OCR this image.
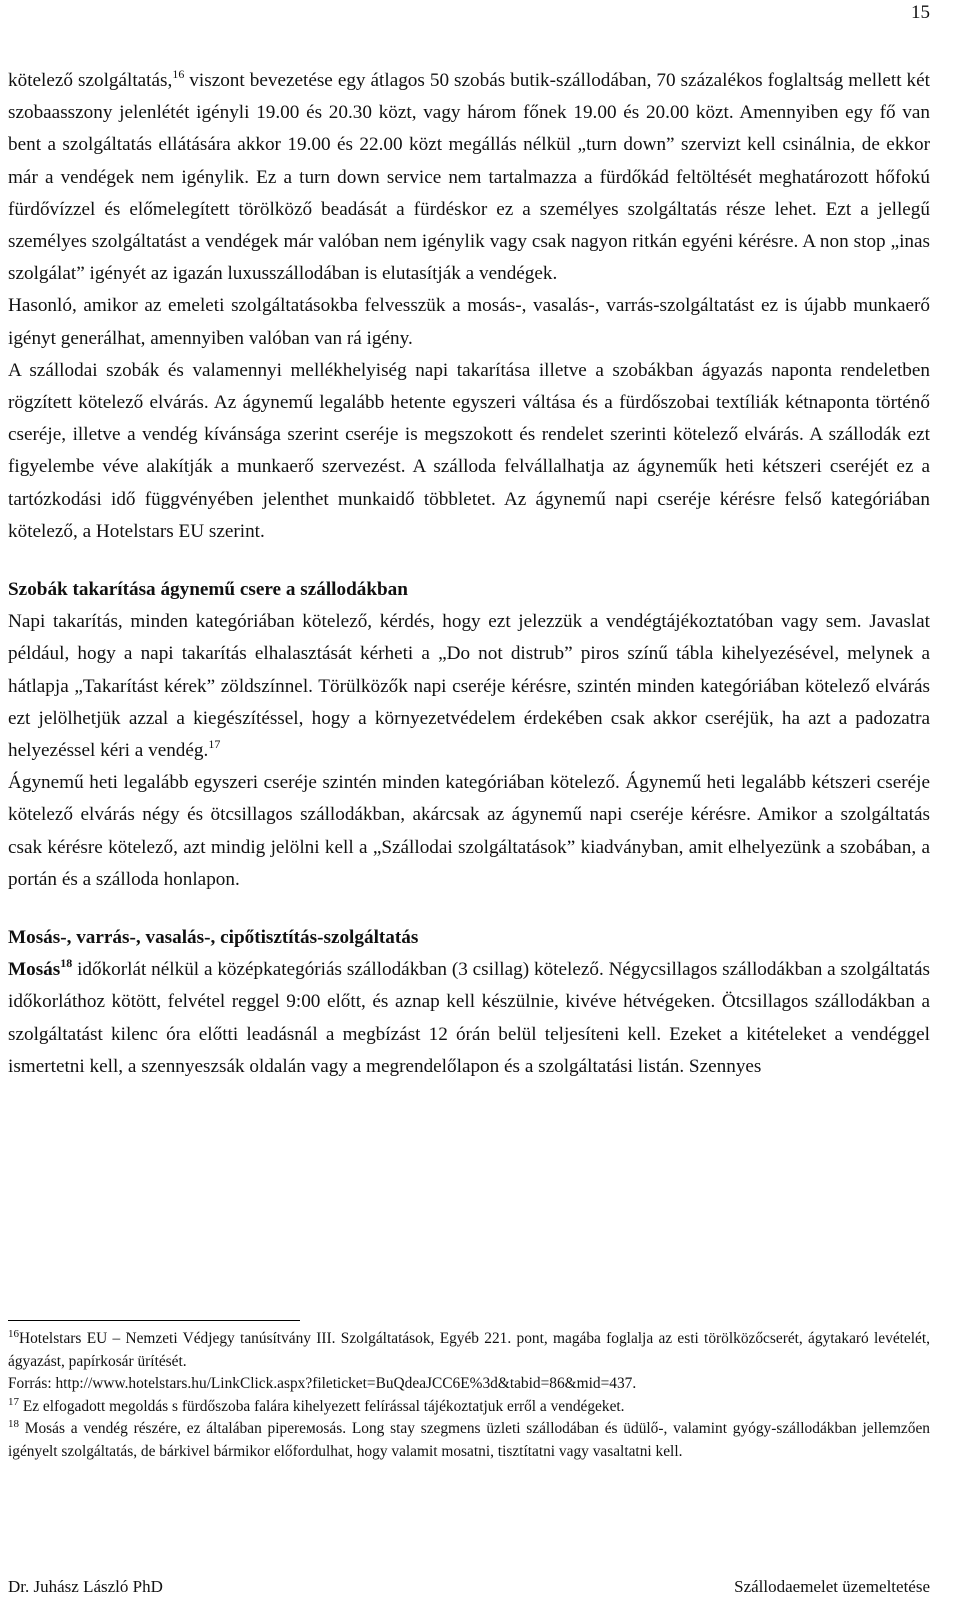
15

kötelező szolgáltatás,$^{16}$ viszont bevezetése egy átlagos 50 szobás butik-szállodában, 70 százalékos foglaltság mellett két szobaasszony jelenlétét igényli 19.00 és 20.30 közt, vagy három főnek 19.00 és 20.00 közt. Amennyiben egy fő van bent a szolgáltatás ellátására akkor 19.00 és 22.00 közt megállás nélkül „turn down” szervizt kell csinálnia, de ekkor már a vendégek nem igénylik. Ez a turn down service nem tartalmazza a fürdőkád feltöltését meghatározott hőfokú fürdővízzel és előmelegített törölköző beadását a fürdéskor ez a személyes szolgáltatás része lehet. Ezt a jellegű személyes szolgáltatást a vendégek már valóban nem igénylik vagy csak nagyon ritkán egyéni kérésre. A non stop „inas szolgálat” igényét az igazán luxusszállodában is elutasítják a vendégek.

Hasonló, amikor az emeleti szolgáltatásokba felvesszük a mosás-, vasalás-, varrás-szolgáltatást ez is újabb munkaerő igényt generálhat, amennyiben valóban van rá igény.

A szállodai szobák és valamennyi mellékhelyiség napi takarítása illetve a szobákban ágyazás naponta rendeletben rögzített kötelező elvárás. Az ágynemű legalább hetente egyszeri váltása és a fürdőszobai textíliák kétnaponta történő cseréje, illetve a vendég kívánsága szerint cseréje is megszokott és rendelet szerinti kötelező elvárás. A szállodák ezt figyelembe véve alakítják a munkaerő szervezést. A szálloda felvállalhatja az ágyneműk heti kétszeri cseréjét ez a tartózkodási idő függvényében jelenthet munkaidő többletet. Az ágynemű napi cseréje kérésre felső kategóriában kötelező, a Hotelstars EU szerint.

Szobák takarítása ágynemű csere a szállodákban

Napi takarítás, minden kategóriában kötelező, kérdés, hogy ezt jelezzük a vendégtájékoztatóban vagy sem. Javaslat például, hogy a napi takarítás elhalasztását kérheti a „Do not distrub” piros színű tábla kihelyezésével, melynek a hátlapja „Takarítást kérek” zöldszínnel. Törülközők napi cseréje kérésre, szintén minden kategóriában kötelező elvárás ezt jelölhetjük azzal a kiegészítéssel, hogy a környezetvédelem érdekében csak akkor cseréjük, ha azt a padozatra helyezéssel kéri a vendég.$^{17}$

Ágynemű heti legalább egyszeri cseréje szintén minden kategóriában kötelező. Ágynemű heti legalább kétszeri cseréje kötelező elvárás négy és ötcsillagos szállodákban, akárcsak az ágynemű napi cseréje kérésre. Amikor a szolgáltatás csak kérésre kötelező, azt mindig jelölni kell a „Szállodai szolgáltatások” kiadványban, amit elhelyezünk a szobában, a portán és a szálloda honlapon.

Mosás-, varrás-, vasalás-, cipőtisztítás-szolgáltatás

Mosás$^{18}$ időkorlát nélkül a középkategóriás szállodákban (3 csillag) kötelező. Négycsillagos szállodákban a szolgáltatás időkorláthoz kötött, felvétel reggel 9:00 előtt, és aznap kell készülnie, kivéve hétvégeken. Ötcsillagos szállodákban a szolgáltatást kilenc óra előtti leadásnál a megbízást 12 órán belül teljesíteni kell. Ezeket a kitételeket a vendéggel ismertetni kell, a szennyeszsák oldalán vagy a megrendelőlapon és a szolgáltatási listán. Szennyes

$^{16}$Hotelstars EU – Nemzeti Védjegy tanúsítvány III. Szolgáltatások, Egyéb 221. pont, magába foglalja az esti törölközőcserét, ágytakaró levételét, ágyazást, papírkosár ürítését.

Forrás: http://www.hotelstars.hu/LinkClick.aspx?fileticket=BuQdeaJCC6E%3d&tabid=86&mid=437.

$^{17}$ Ez elfogadott megoldás s fürdőszoba falára kihelyezett felírással tájékoztatjuk erről a vendégeket.

$^{18}$ Mosás a vendég részére, ez általában pipereмosás. Long stay szegmens üzleti szállodában és üdülő-, valamint gyógy-szállodákban jellemzően igényelt szolgáltatás, de bárkivel bármikor előfordulhat, hogy valamit mosatni, tisztítatni vagy vasaltatni kell.

Dr. Juhász László PhD	Szállodaemelet üzemeltetése
